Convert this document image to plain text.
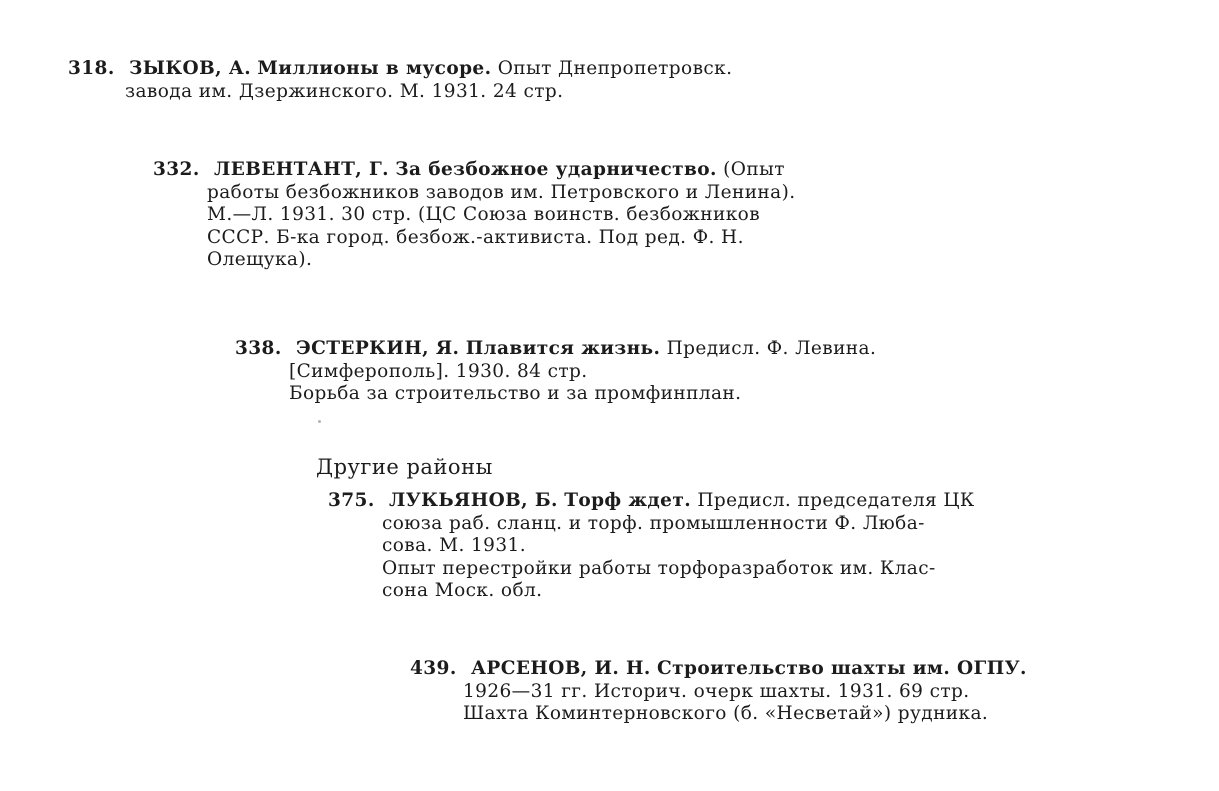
318. ЗЫКОВ, А. Миллионы в мусоре. Опыт Днепропетровск.
завода им. Дзержинского. М. 1931. 24 стр.
332. ЛЕВЕНТАНТ, Г. За безбожное ударничество. (Опыт
работы безбожников заводов им. Петровского и Ленина).
М.—Л. 1931. 30 стр. (ЦС Союза воинств. безбожников
СССР. Б-ка город. безбож.-активиста. Под ред. Ф. Н.
Олещука).
338. ЭСТЕРКИН, Я. Плавится жизнь. Предисл. Ф. Левина.
[Симферополь]. 1930. 84 стр.
Борьба за строительство и за промфинплан.
Другие районы
375. ЛУКЬЯНОВ, Б. Торф ждет. Предисл. председателя ЦК
союза раб. сланц. и торф. промышленности Ф. Люба-
сова. М. 1931.
Опыт перестройки работы торфоразработок им. Клас-
сона Моск. обл.
439. АРСЕНОВ, И. Н. Строительство шахты им. ОГПУ.
1926—31 гг. Историч. очерк шахты. 1931. 69 стр.
Шахта Коминтерновского (б. «Несветай») рудника.
